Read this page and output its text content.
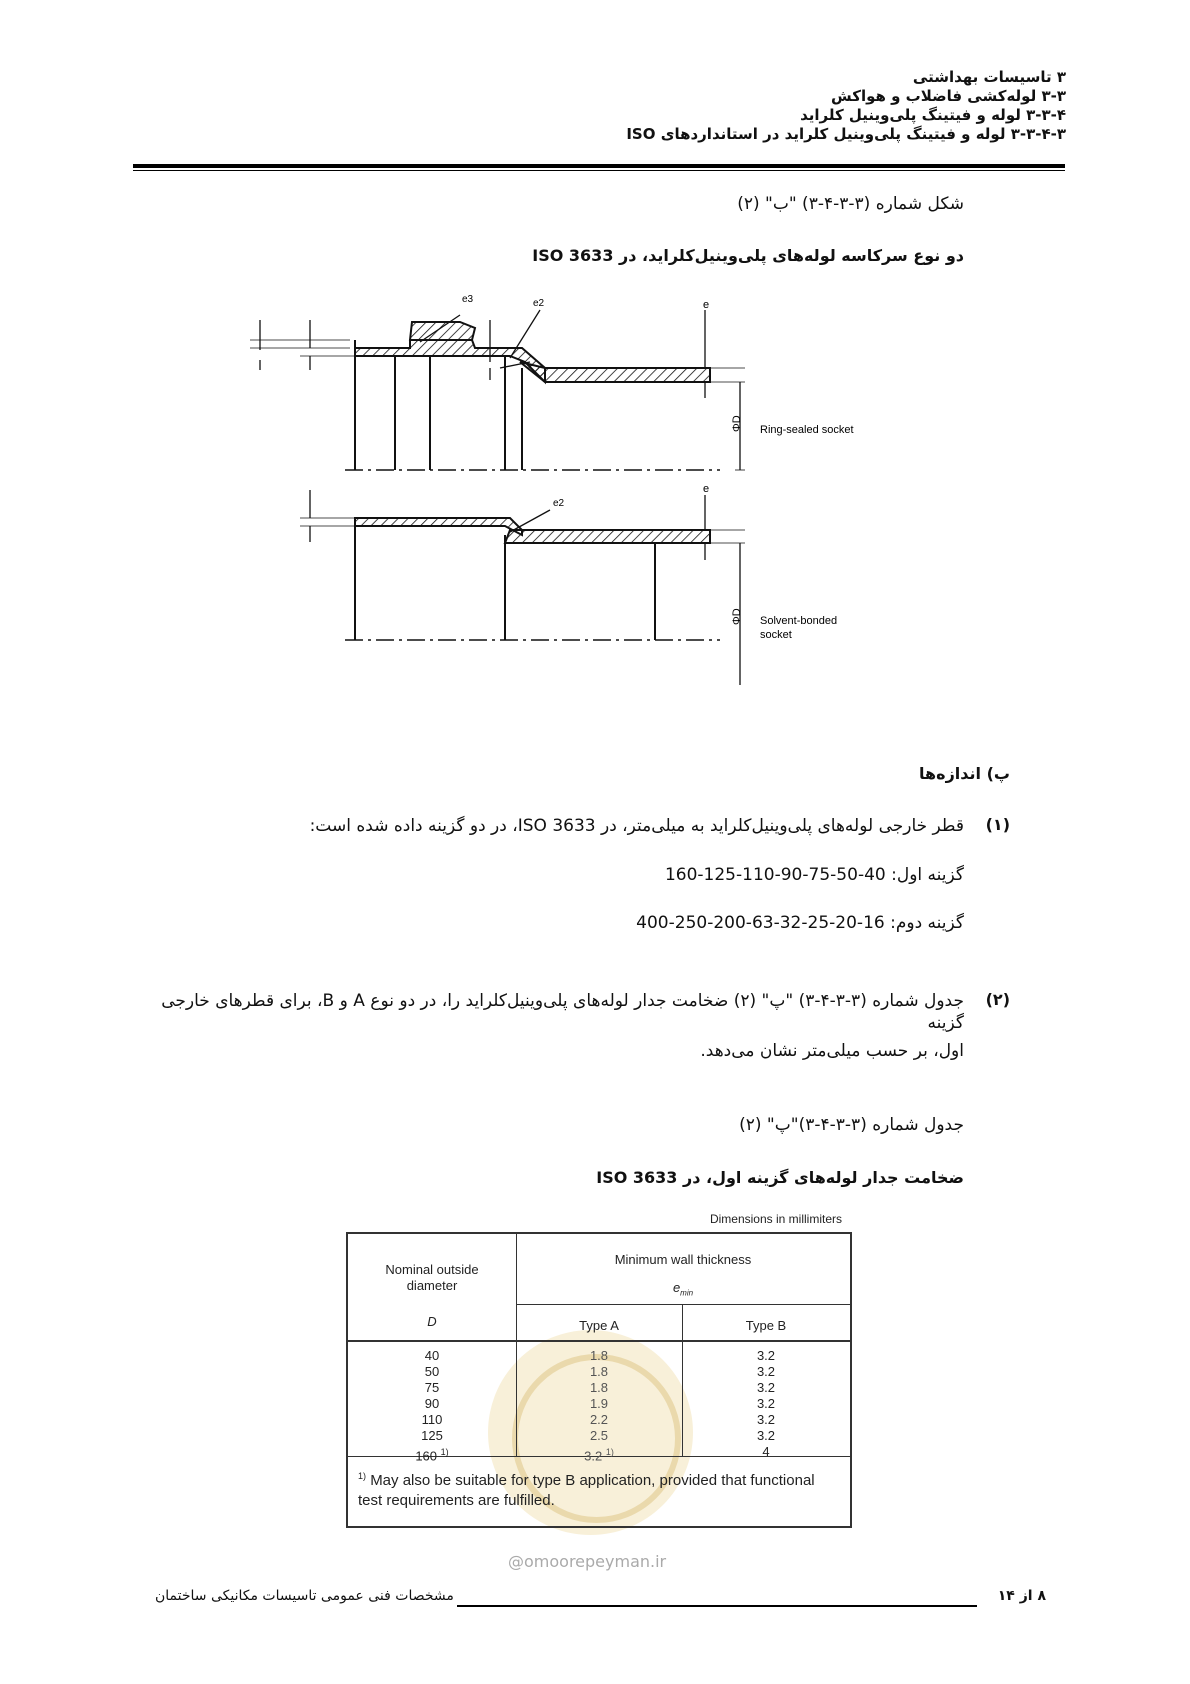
۳ تاسیسات بهداشتی
۳-۳ لوله‌کشی فاضلاب و هواکش
۳-۳-۴ لوله و فیتینگ پلی‌وینیل کلراید
۳-۳-۴-۳ لوله و فیتینگ پلی‌وینیل کلراید در استانداردهای ISO
شکل شماره (۳-۳-۴-۳) "ب" (۲)
دو نوع سرکاسه لوله‌های پلی‌وینیل‌کلراید، در ISO 3633
ΦD Ring-sealed socket
e
e2
e3
ΦD Solvent-bonded
socket
e
e2
پ)
اندازه‌ها
(۱)
قطر خارجی لوله‌های پلی‌وینیل‌کلراید به میلی‌متر، در ISO 3633، در دو گزینه داده شده است:
گزینه اول: 40-50-75-90-110-125-160
گزینه دوم: 16-20-25-32-63-200-250-400
(۲)
جدول شماره (۳-۳-۴-۳) "پ" (۲) ضخامت جدار لوله‌های پلی‌وینیل‌کلراید را، در دو نوع A و B، برای قطرهای خارجی گزینه
اول، بر حسب میلی‌متر نشان می‌دهد.
جدول شماره (۳-۳-۴-۳)"پ" (۲)
ضخامت جدار لوله‌های گزینه اول، در ISO 3633
Dimensions in millimiters
Nominal outside
diameter
D
Minimum wall thickness
$e_{min}$
Type A	Type B
40
50
75
90
110
125
160 $^{1)}$
1.8
1.8
1.8
1.9
2.2
2.5
3.2 $^{1)}$
3.2
3.2
3.2
3.2
3.2
3.2
4
$^{1)}$ May also be suitable for type B application, provided that functional test requirements are fulfilled.
@omoorepeyman.ir
مشخصات فنی عمومی تاسیسات مکانیکی ساختمان	۸ از ۱۴
